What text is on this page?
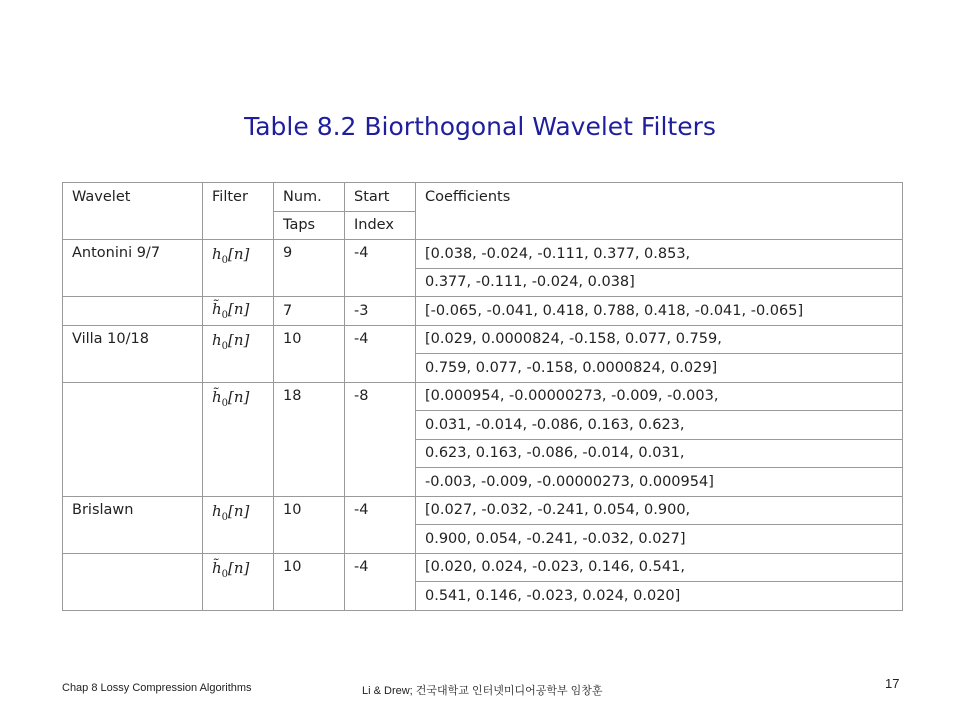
Table 8.2 Biorthogonal Wavelet Filters
Wavelet	Filter	Num.	Start	Coefficients
		Taps	Index	
Antonini 9/7	$h_0[n]$	9	-4	[0.038, -0.024, -0.111, 0.377, 0.853,
				0.377, -0.111, -0.024, 0.038]
	$h̃_0[n]$	7	-3	[-0.065, -0.041, 0.418, 0.788, 0.418, -0.041, -0.065]
Villa 10/18	$h_0[n]$	10	-4	[0.029, 0.0000824, -0.158, 0.077, 0.759,
				0.759, 0.077, -0.158, 0.0000824, 0.029]
	$h̃_0[n]$	18	-8	[0.000954, -0.00000273, -0.009, -0.003,
				0.031, -0.014, -0.086, 0.163, 0.623,
				0.623, 0.163, -0.086, -0.014, 0.031,
				-0.003, -0.009, -0.00000273, 0.000954]
Brislawn	$h_0[n]$	10	-4	[0.027, -0.032, -0.241, 0.054, 0.900,
				0.900, 0.054, -0.241, -0.032, 0.027]
	$h̃_0[n]$	10	-4	[0.020, 0.024, -0.023, 0.146, 0.541,
				0.541, 0.146, -0.023, 0.024, 0.020]
Chap 8 Lossy Compression Algorithms	Li & Drew; 건국대학교 인터넷미디어공학부 임창훈	17
